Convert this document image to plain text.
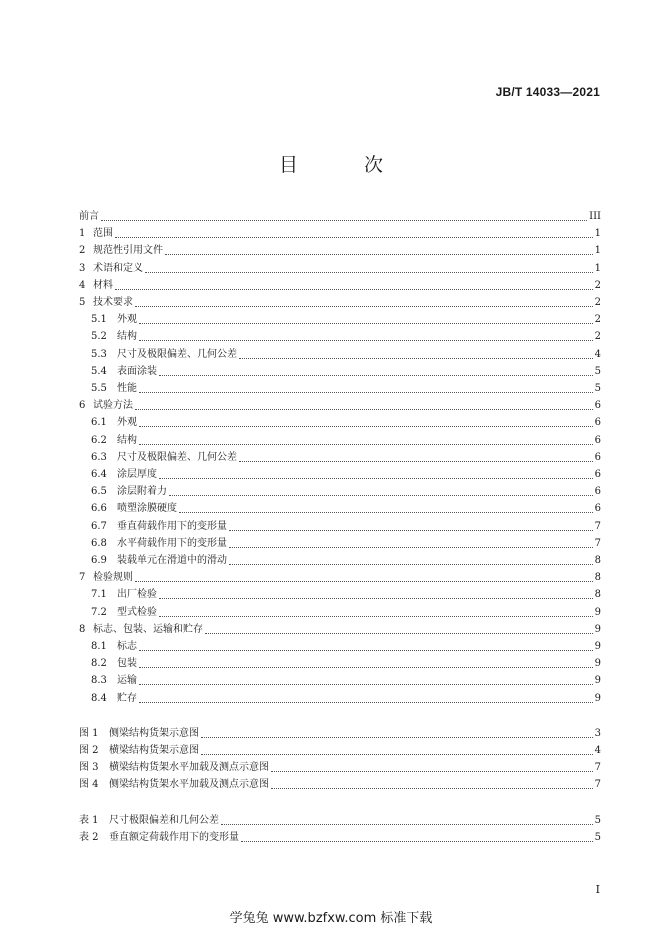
JB/T 14033—2021
目 次
前言	III
1 范围	1
2 规范性引用文件	1
3 术语和定义	1
4 材料	2
5 技术要求	2
5.1 外观	2
5.2 结构	2
5.3 尺寸及极限偏差、几何公差	4
5.4 表面涂装	5
5.5 性能	5
6 试验方法	6
6.1 外观	6
6.2 结构	6
6.3 尺寸及极限偏差、几何公差	6
6.4 涂层厚度	6
6.5 涂层附着力	6
6.6 喷塑涂膜硬度	6
6.7 垂直荷载作用下的变形量	7
6.8 水平荷载作用下的变形量	7
6.9 装载单元在滑道中的滑动	8
7 检验规则	8
7.1 出厂检验	8
7.2 型式检验	9
8 标志、包装、运输和贮存	9
8.1 标志	9
8.2 包装	9
8.3 运输	9
8.4 贮存	9
图 1 侧梁结构货架示意图	3
图 2 横梁结构货架示意图	4
图 3 横梁结构货架水平加载及测点示意图	7
图 4 侧梁结构货架水平加载及测点示意图	7
表 1 尺寸极限偏差和几何公差	5
表 2 垂直额定荷载作用下的变形量	5
I
学兔兔 www.bzfxw.com 标准下载
